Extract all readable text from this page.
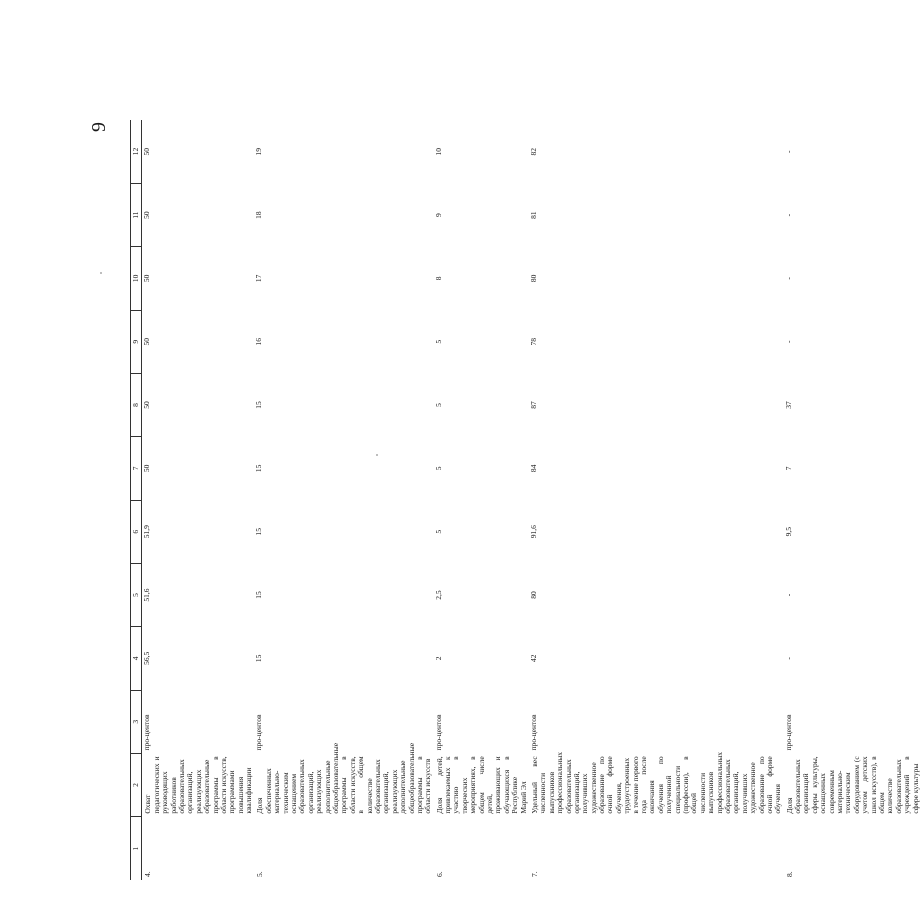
9
1	2	3	4	5	6	7	8	9	10	11	12
4.	Охват педагогических и руководящих работников образовательных организаций, реализующих образовательные программы в области искусств, программами повышения квалификации	про-центов	56,5	51,6	51,9	50	50	50	50	50	50
5.	Доля обеспеченных материально-техническим оснащением образовательных организаций, реализующих дополнительные общеобразовательные программы в области искусств, в общем количестве образовательных организаций, реализующих дополнительные общеобразовательные программы в области искусств	про-центов	15	15	15	15	15	16	17	18	19
6.	Доля детей, привлекаемых к участию в творческих мероприятиях, в общем числе детей, проживающих и обучающихся в Республике Марий Эл	про-центов	2	2,5	5	5	5	5	8	9	10
7.	Удельный вес численности выпускников профессиональных образовательных организаций, получивших художественное образование по очной форме обучения, трудоустроенных в течение первого года после окончания обучения по полученной специальности (профессии), в общей численности выпускников профессиональных образовательных организаций, получивших художественное образование по очной форме обучения	про-центов	42	80	91,6	84	87	78	80	81	82
8.	Доля образовательных организаций сферы культуры, оснащенных современным материально-техническим оборудованием (с учетом детских школ искусств), в общем количестве образовательных учреждений в сфере культуры	про-центов	-	-	9,5	7	37	-	-	-	-
